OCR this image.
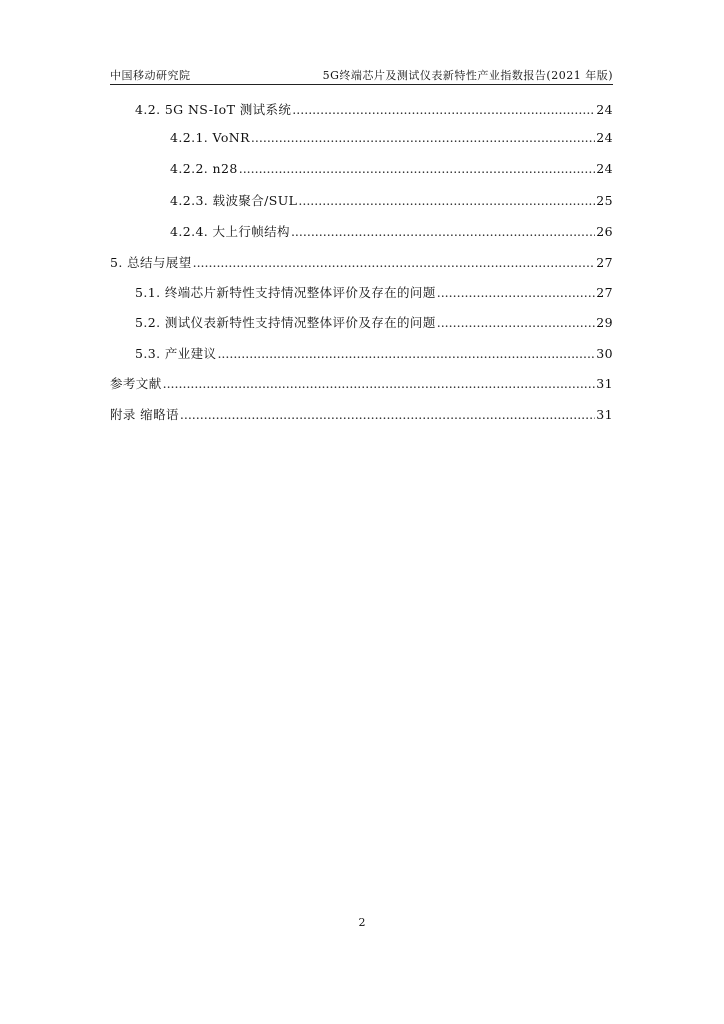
中国移动研究院	5G终端芯片及测试仪表新特性产业指数报告(2021 年版)
4.2. 5G NS-IoT 测试系统 .....	24
4.2.1. VoNR .....	24
4.2.2. n28 .....	24
4.2.3. 载波聚合/SUL .....	25
4.2.4. 大上行帧结构 .....	26
5. 总结与展望 .....	27
5.1. 终端芯片新特性支持情况整体评价及存在的问题 .....	27
5.2. 测试仪表新特性支持情况整体评价及存在的问题 .....	29
5.3. 产业建议 .....	30
参考文献 .....	31
附录 缩略语 .....	31
2
